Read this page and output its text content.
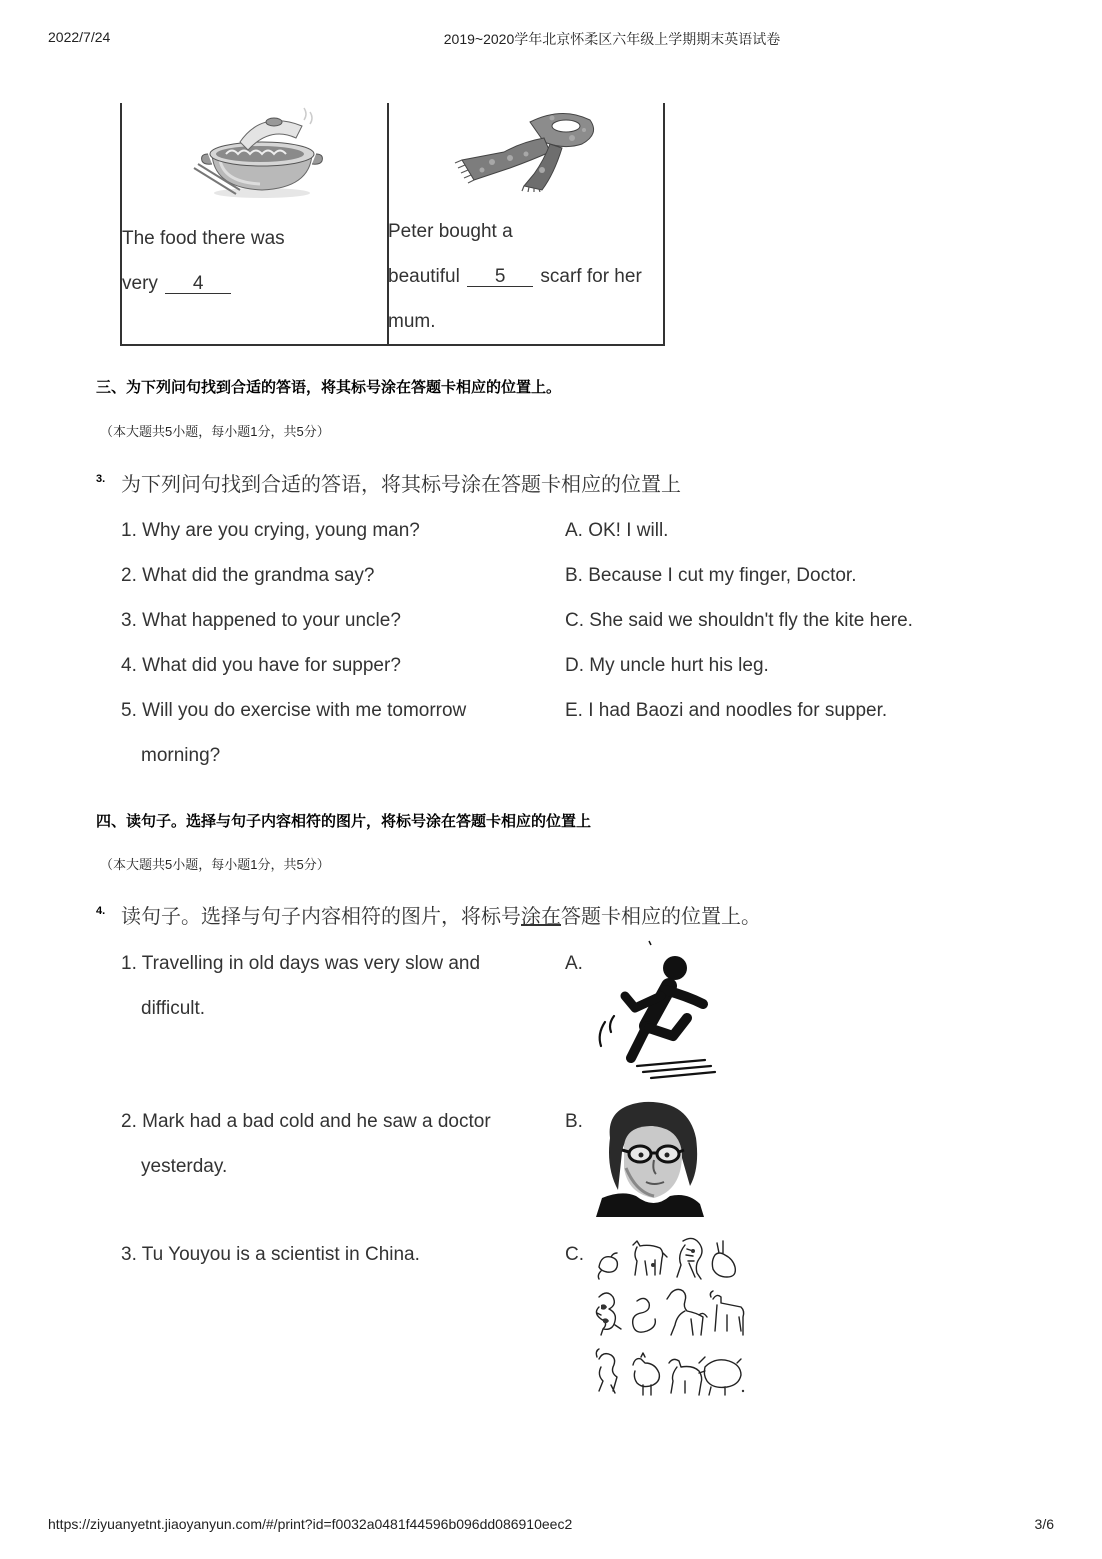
2022/7/24	2019~2020学年北京怀柔区六年级上学期期末英语试卷
The food there was
very 4
Peter bought a
beautiful 5 scarf for her
mum.
三、为下列问句找到合适的答语，将其标号涂在答题卡相应的位置上。
（本大题共5小题，每小题1分，共5分）
3. 为下列问句找到合适的答语，将其标号涂在答题卡相应的位置上
1. Why are you crying, young man?
2. What did the grandma say?
3. What happened to your uncle?
4. What did you have for supper?
5. Will you do exercise with me tomorrow
morning?
A. OK! I will.
B. Because I cut my finger, Doctor.
C. She said we shouldn't fly the kite here.
D. My uncle hurt his leg.
E. I had Baozi and noodles for supper.
四、读句子。选择与句子内容相符的图片，将标号涂在答题卡相应的位置上
（本大题共5小题，每小题1分，共5分）
4. 读句子。选择与句子内容相符的图片，将标号涂在答题卡相应的位置上。
1. Travelling in old days was very slow and
difficult.
A.
2. Mark had a bad cold and he saw a doctor
yesterday.
B.
3. Tu Youyou is a scientist in China.	C.
https://ziyuanyetnt.jiaoyanyun.com/#/print?id=f0032a0481f44596b096dd086910eec2	3/6
